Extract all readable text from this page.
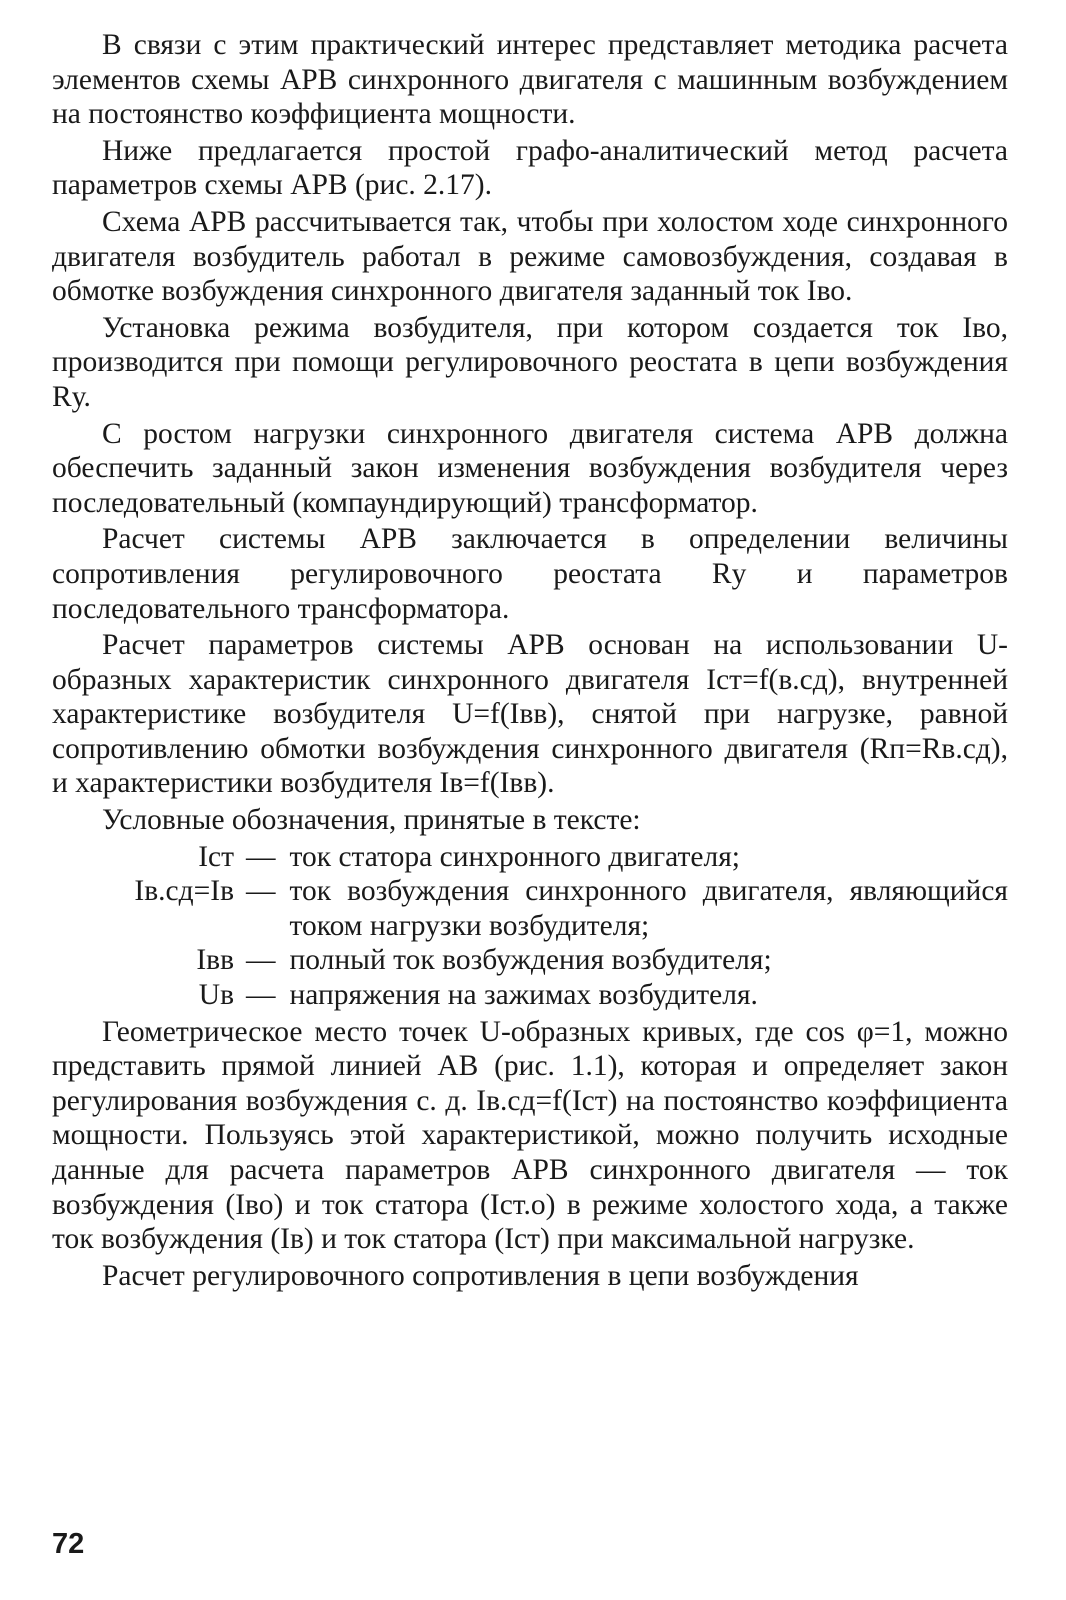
В связи с этим практический интерес представляет методика расчета элементов схемы АРВ синхронного двигателя с машинным возбуждением на постоянство коэффициента мощности.

Ниже предлагается простой графо-аналитический метод расчета параметров схемы АРВ (рис. 2.17).

Схема АРВ рассчитывается так, чтобы при холостом ходе синхронного двигателя возбудитель работал в режиме самовозбуждения, создавая в обмотке возбуждения синхронного двигателя заданный ток Iво.

Установка режима возбудителя, при котором создается ток Iво, производится при помощи регулировочного реостата в цепи возбуждения Rу.

С ростом нагрузки синхронного двигателя система АРВ должна обеспечить заданный закон изменения возбуждения возбудителя через последовательный (компаундирующий) трансформатор.

Расчет системы АРВ заключается в определении величины сопротивления регулировочного реостата Rу и параметров последовательного трансформатора.

Расчет параметров системы АРВ основан на использовании U-образных характеристик синхронного двигателя Iст=f(в.сд), внутренней характеристике возбудителя U=f(Iвв), снятой при нагрузке, равной сопротивлению обмотки возбуждения синхронного двигателя (Rп=Rв.сд), и характеристики возбудителя Iв=f(Iвв).

Условные обозначения, принятые в тексте:

Iст — ток статора синхронного двигателя;
Iв.сд=Iв — ток возбуждения синхронного двигателя, являющийся током нагрузки возбудителя;
Iвв — полный ток возбуждения возбудителя;
Uв — напряжения на зажимах возбудителя.

Геометрическое место точек U-образных кривых, где cos φ=1, можно представить прямой линией АВ (рис. 1.1), которая и определяет закон регулирования возбуждения с. д. Iв.сд=f(Iст) на постоянство коэффициента мощности. Пользуясь этой характеристикой, можно получить исходные данные для расчета параметров АРВ синхронного двигателя — ток возбуждения (Iво) и ток статора (Iст.о) в режиме холостого хода, а также ток возбуждения (Iв) и ток статора (Iст) при максимальной нагрузке.

Расчет регулировочного сопротивления в цепи возбуждения

72
